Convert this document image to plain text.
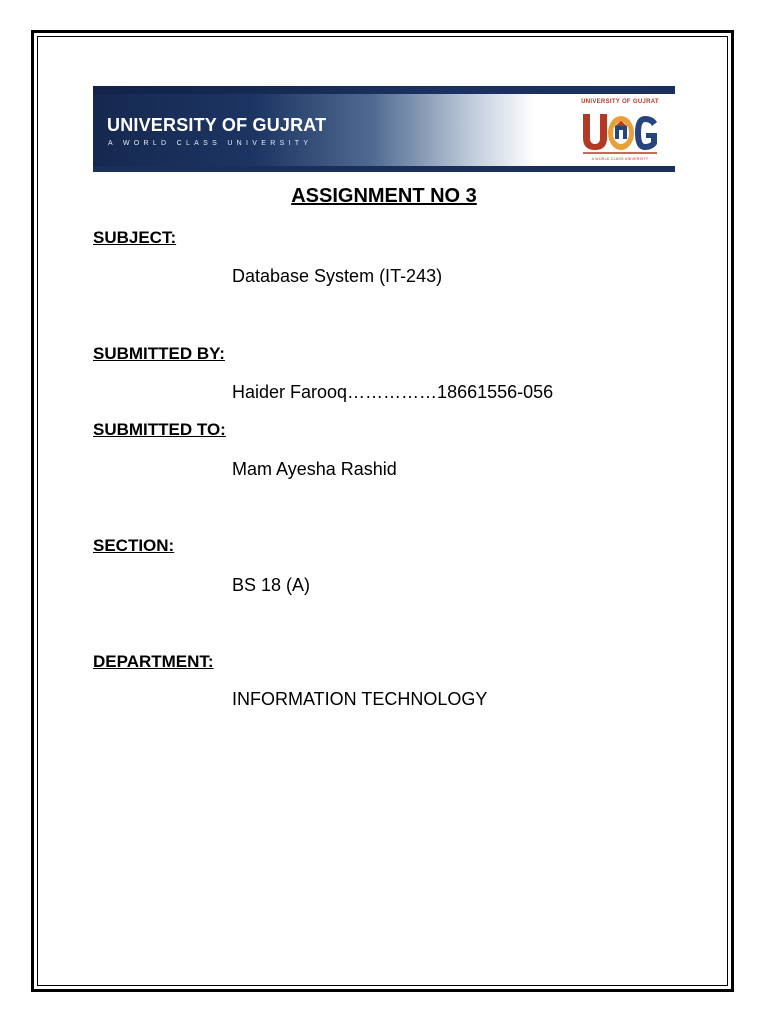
UNIVERSITY OF GUJRAT
A WORLD CLASS UNIVERSITY
UNIVERSITY OF GUJRAT
A WORLD CLASS UNIVERSITY
ASSIGNMENT NO 3
SUBJECT:
Database System (IT-243)
SUBMITTED BY:
Haider Farooq……………18661556-056
SUBMITTED TO:
Mam Ayesha Rashid
SECTION:
BS 18 (A)
DEPARTMENT:
INFORMATION TECHNOLOGY
